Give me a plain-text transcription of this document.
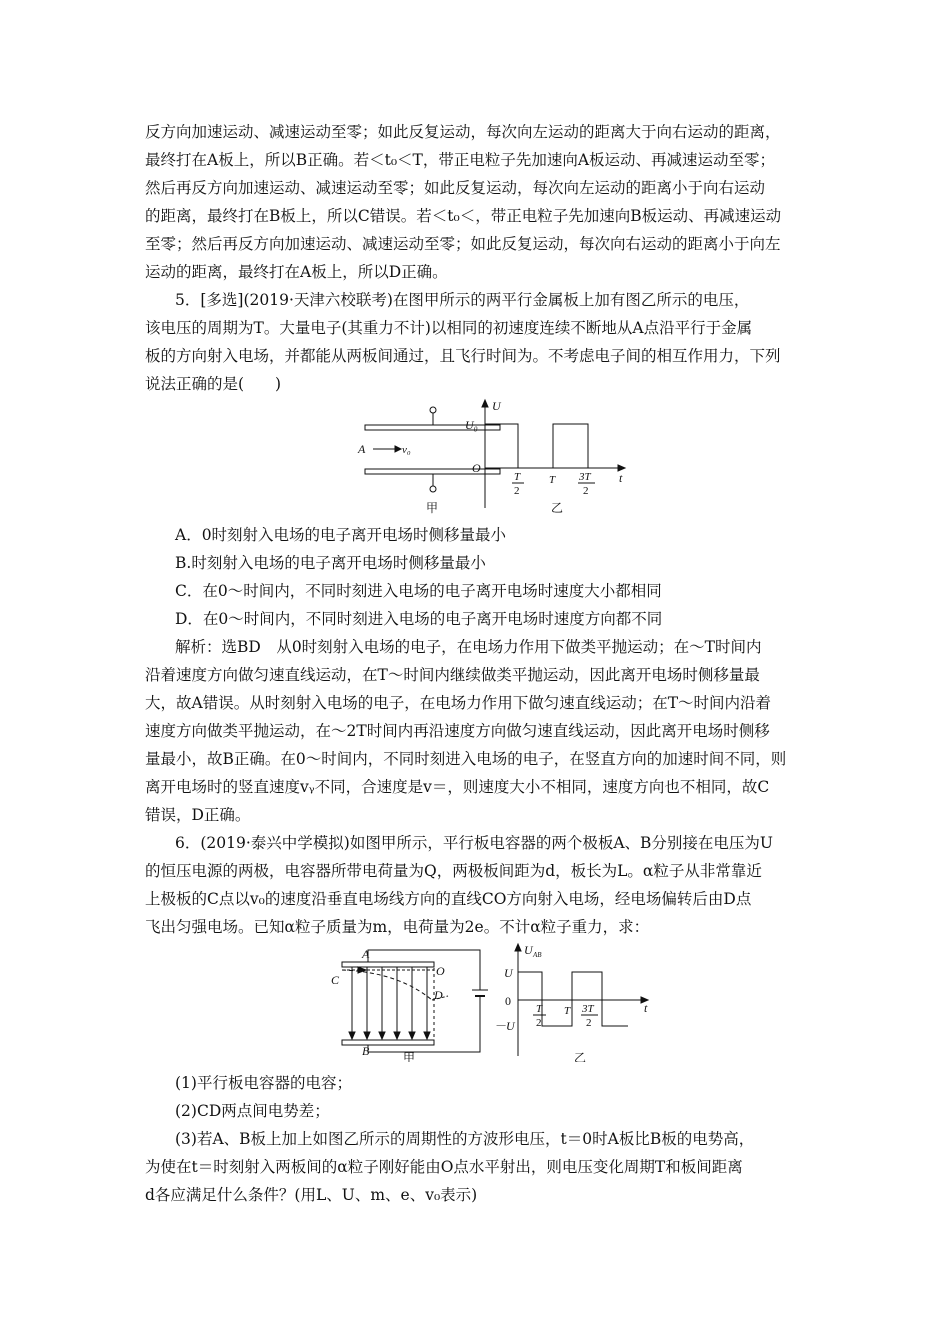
反方向加速运动、减速运动至零；如此反复运动，每次向左运动的距离大于向右运动的距离，
最终打在A板上，所以B正确。若＜t₀＜T，带正电粒子先加速向A板运动、再减速运动至零；
然后再反方向加速运动、减速运动至零；如此反复运动，每次向左运动的距离小于向右运动
的距离，最终打在B板上，所以C错误。若＜t₀＜，带正电粒子先加速向B板运动、再减速运动
至零；然后再反方向加速运动、减速运动至零；如此反复运动，每次向右运动的距离小于向左
运动的距离，最终打在A板上，所以D正确。
5．[多选](2019·天津六校联考)在图甲所示的两平行金属板上加有图乙所示的电压，
该电压的周期为T。大量电子(其重力不计)以相同的初速度连续不断地从A点沿平行于金属
板的方向射入电场，并都能从两板间通过，且飞行时间为。不考虑电子间的相互作用力，下列
说法正确的是(　　)
A	v₀
U
U₀
O
t
T
2
T 3T
2
甲	乙
A．0时刻射入电场的电子离开电场时侧移量最小
B.时刻射入电场的电子离开电场时侧移量最小
C．在0～时间内，不同时刻进入电场的电子离开电场时速度大小都相同
D．在0～时间内，不同时刻进入电场的电子离开电场时速度方向都不同
解析：选BD　从0时刻射入电场的电子，在电场力作用下做类平抛运动；在～T时间内
沿着速度方向做匀速直线运动，在T～时间内继续做类平抛运动，因此离开电场时侧移量最
大，故A错误。从时刻射入电场的电子，在电场力作用下做匀速直线运动；在T～时间内沿着
速度方向做类平抛运动，在～2T时间内再沿速度方向做匀速直线运动，因此离开电场时侧移
量最小，故B正确。在0～时间内，不同时刻进入电场的电子，在竖直方向的加速时间不同，则
离开电场时的竖直速度vᵧ不同，合速度是v＝，则速度大小不相同，速度方向也不相同，故C
错误，D正确。
6．(2019·泰兴中学模拟)如图甲所示，平行板电容器的两个极板A、B分别接在电压为U
的恒压电源的两极，电容器所带电荷量为Q，两极板间距为d，板长为L。α粒子从非常靠近
上极板的C点以v₀的速度沿垂直电场线方向的直线CO方向射入电场，经电场偏转后由D点
飞出匀强电场。已知α粒子质量为m，电荷量为2e。不计α粒子重力，求：
A
B
C
O
D
U AB
U
0
－U
t
T
2
T 3T
2
甲	乙
(1)平行板电容器的电容；
(2)CD两点间电势差；
(3)若A、B板上加上如图乙所示的周期性的方波形电压，t＝0时A板比B板的电势高，
为使在t＝时刻射入两板间的α粒子刚好能由O点水平射出，则电压变化周期T和板间距离
d各应满足什么条件？(用L、U、m、e、v₀表示)
